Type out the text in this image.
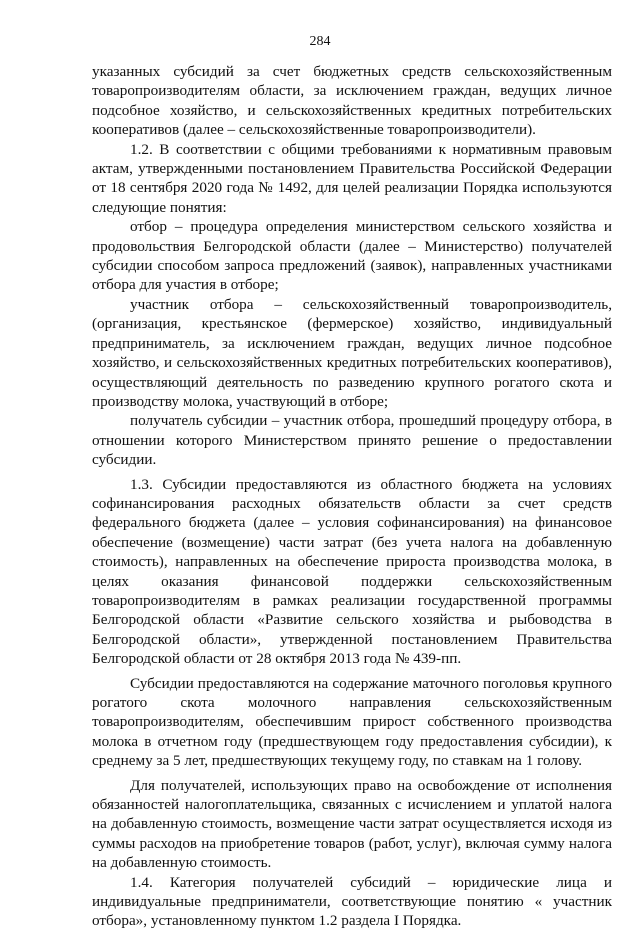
284

указанных субсидий за счет бюджетных средств сельскохозяйственным товаропроизводителям области, за исключением граждан, ведущих личное подсобное хозяйство, и сельскохозяйственных кредитных потребительских кооперативов (далее – сельскохозяйственные товаропроизводители).

1.2. В соответствии с общими требованиями к нормативным правовым актам, утвержденными постановлением Правительства Российской Федерации от 18 сентября 2020 года № 1492, для целей реализации Порядка используются следующие понятия:

отбор – процедура определения министерством сельского хозяйства и продовольствия Белгородской области (далее – Министерство) получателей субсидии способом запроса предложений (заявок), направленных участниками отбора для участия в отборе;

участник отбора – сельскохозяйственный товаропроизводитель, (организация, крестьянское (фермерское) хозяйство, индивидуальный предприниматель, за исключением граждан, ведущих личное подсобное хозяйство, и сельскохозяйственных кредитных потребительских кооперативов), осуществляющий деятельность по разведению крупного рогатого скота и производству молока, участвующий в отборе;

получатель субсидии – участник отбора, прошедший процедуру отбора, в отношении которого Министерством принято решение о предоставлении субсидии.

1.3. Субсидии предоставляются из областного бюджета на условиях софинансирования расходных обязательств области за счет средств федерального бюджета (далее – условия софинансирования) на финансовое обеспечение (возмещение) части затрат (без учета налога на добавленную стоимость), направленных на обеспечение прироста производства молока, в целях оказания финансовой поддержки сельскохозяйственным товаропроизводителям в рамках реализации государственной программы Белгородской области «Развитие сельского хозяйства и рыбоводства в Белгородской области», утвержденной постановлением Правительства Белгородской области от 28 октября 2013 года № 439-пп.

Субсидии предоставляются на содержание маточного поголовья крупного рогатого скота молочного направления сельскохозяйственным товаропроизводителям, обеспечившим прирост собственного производства молока в отчетном году (предшествующем году предоставления субсидии), к среднему за 5 лет, предшествующих текущему году, по ставкам на 1 голову.

Для получателей, использующих право на освобождение от исполнения обязанностей налогоплательщика, связанных с исчислением и уплатой налога на добавленную стоимость, возмещение части затрат осуществляется исходя из суммы расходов на приобретение товаров (работ, услуг), включая сумму налога на добавленную стоимость.

1.4. Категория получателей субсидий – юридические лица и индивидуальные предприниматели, соответствующие понятию « участник отбора», установленному пунктом 1.2 раздела I Порядка.
